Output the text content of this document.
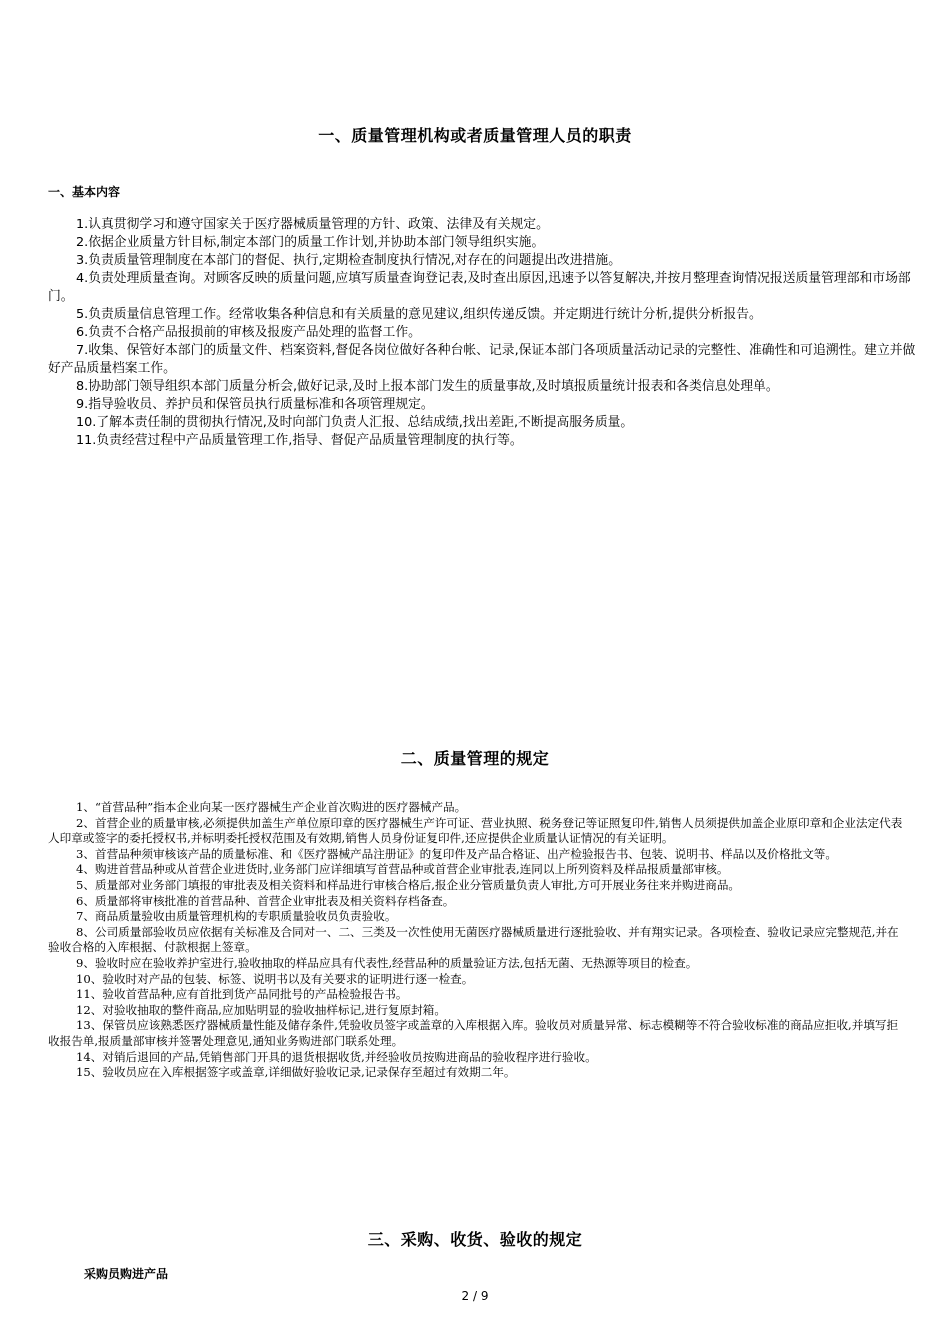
一、质量管理机构或者质量管理人员的职责
一、基本内容

1.认真贯彻学习和遵守国家关于医疗器械质量管理的方针、政策、法律及有关规定。

2.依据企业质量方针目标,制定本部门的质量工作计划,并协助本部门领导组织实施。

3.负责质量管理制度在本部门的督促、执行,定期检查制度执行情况,对存在的问题提出改进措施。

4.负责处理质量查询。对顾客反映的质量问题,应填写质量查询登记表,及时查出原因,迅速予以答复解决,并按月整理查询情况报送质量管理部和市场部门。

5.负责质量信息管理工作。经常收集各种信息和有关质量的意见建议,组织传递反馈。并定期进行统计分析,提供分析报告。

6.负责不合格产品报损前的审核及报废产品处理的监督工作。

7.收集、保管好本部门的质量文件、档案资料,督促各岗位做好各种台帐、记录,保证本部门各项质量活动记录的完整性、准确性和可追溯性。建立并做好产品质量档案工作。

8.协助部门领导组织本部门质量分析会,做好记录,及时上报本部门发生的质量事故,及时填报质量统计报表和各类信息处理单。

9.指导验收员、养护员和保管员执行质量标准和各项管理规定。

10.了解本责任制的贯彻执行情况,及时向部门负责人汇报、总结成绩,找出差距,不断提高服务质量。

11.负责经营过程中产品质量管理工作,指导、督促产品质量管理制度的执行等。

二、质量管理的规定

1、“首营品种”指本企业向某一医疗器械生产企业首次购进的医疗器械产品。

2、首营企业的质量审核,必须提供加盖生产单位原印章的医疗器械生产许可证、营业执照、税务登记等证照复印件,销售人员须提供加盖企业原印章和企业法定代表人印章或签字的委托授权书,并标明委托授权范围及有效期,销售人员身份证复印件,还应提供企业质量认证情况的有关证明。

3、首营品种须审核该产品的质量标准、和《医疗器械产品注册证》的复印件及产品合格证、出产检验报告书、包装、说明书、样品以及价格批文等。

4、购进首营品种或从首营企业进货时,业务部门应详细填写首营品种或首营企业审批表,连同以上所列资料及样品报质量部审核。

5、质量部对业务部门填报的审批表及相关资料和样品进行审核合格后,报企业分管质量负责人审批,方可开展业务往来并购进商品。

6、质量部将审核批准的首营品种、首营企业审批表及相关资料存档备查。

7、商品质量验收由质量管理机构的专职质量验收员负责验收。

8、公司质量部验收员应依据有关标准及合同对一、二、三类及一次性使用无菌医疗器械质量进行逐批验收、并有翔实记录。各项检查、验收记录应完整规范,并在验收合格的入库根据、付款根据上签章。

9、验收时应在验收养护室进行,验收抽取的样品应具有代表性,经营品种的质量验证方法,包括无菌、无热源等项目的检查。

10、验收时对产品的包装、标签、说明书以及有关要求的证明进行逐一检查。

11、验收首营品种,应有首批到货产品同批号的产品检验报告书。

12、对验收抽取的整件商品,应加贴明显的验收抽样标记,进行复原封箱。

13、保管员应该熟悉医疗器械质量性能及储存条件,凭验收员签字或盖章的入库根据入库。验收员对质量异常、标志模糊等不符合验收标准的商品应拒收,并填写拒收报告单,报质量部审核并签署处理意见,通知业务购进部门联系处理。

14、对销后退回的产品,凭销售部门开具的退货根据收货,并经验收员按购进商品的验收程序进行验收。

15、验收员应在入库根据签字或盖章,详细做好验收记录,记录保存至超过有效期二年。

三、采购、收货、验收的规定
采购员购进产品
2 / 9
